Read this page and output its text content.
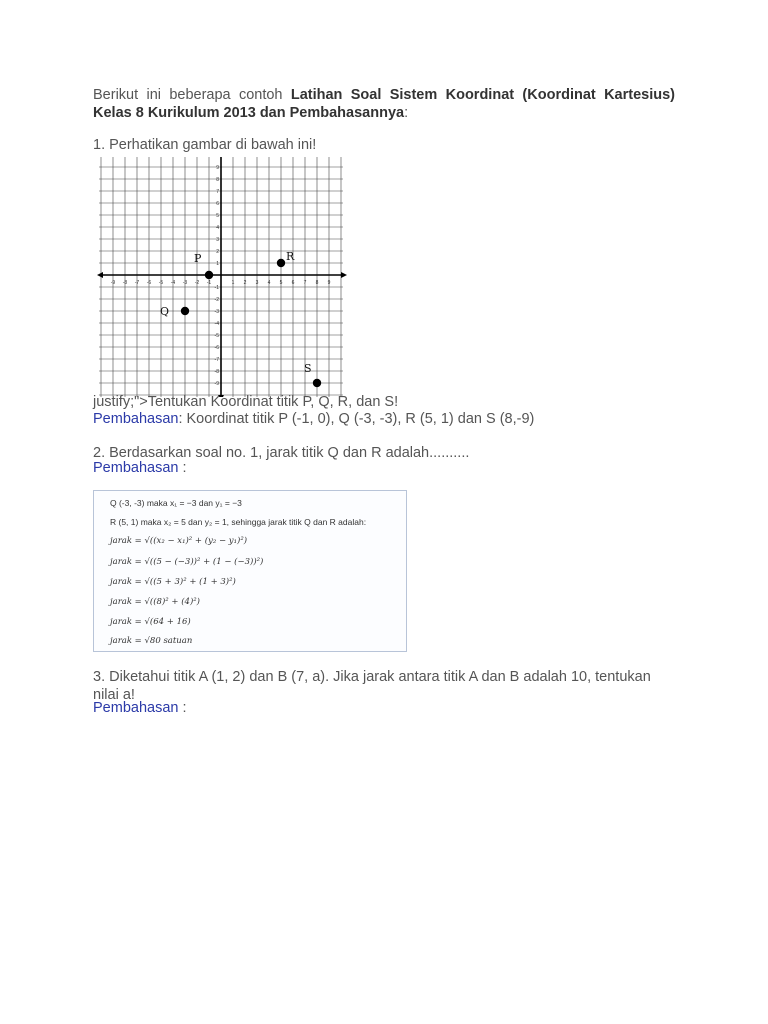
Berikut ini beberapa contoh Latihan Soal Sistem Koordinat (Koordinat Kartesius) Kelas 8 Kurikulum 2013 dan Pembahasannya:
1. Perhatikan gambar di bawah ini!
-9 -8 -7 -6 -5 -4 -3 -2 -1	1 2 3 4 5 6 7 8 9
9
8
7
6
5
4
3
2
1
-1
-2
-3
-4
-5
-6
-7
-8
-9
P
Q
R
S
justify;">Tentukan Koordinat titik P, Q, R, dan S!
Pembahasan: Koordinat titik P (-1, 0), Q (-3, -3), R (5, 1) dan S (8,-9)
2. Berdasarkan soal no. 1, jarak titik Q dan R adalah..........
Pembahasan :
Q (-3, -3) maka x₁ = −3 dan y₁ = −3
R (5, 1) maka x₂ = 5 dan y₂ = 1, sehingga jarak titik Q dan R adalah:
jarak = √((x₂ − x₁)² + (y₂ − y₁)²)
jarak = √((5 − (−3))² + (1 − (−3))²)
jarak = √((5 + 3)² + (1 + 3)²)
jarak = √((8)² + (4)²)
jarak = √(64 + 16)
jarak = √80 satuan
3. Diketahui titik A (1, 2) dan B (7, a). Jika jarak antara titik A dan B adalah 10, tentukan nilai a!
Pembahasan :
